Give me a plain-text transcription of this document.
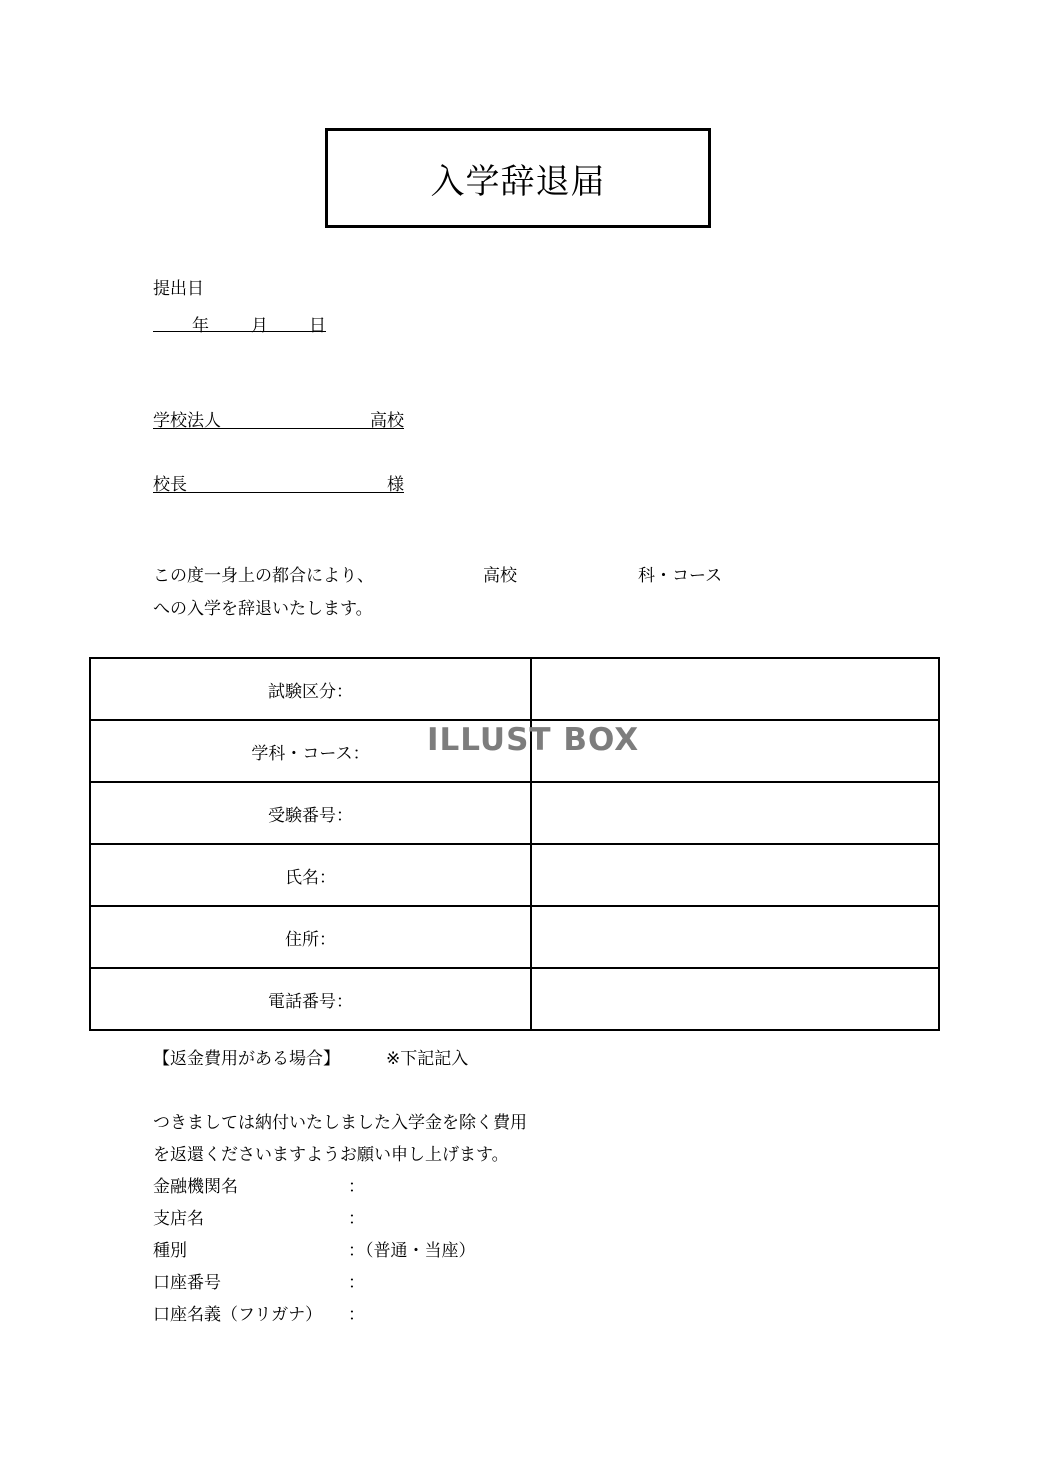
入学辞退届
提出日
年 月 日
学校法人	高校
校長	様
この度一身上の都合により、	高校	科・コース
への入学を辞退いたします。
試験区分：	
学科・コース：	
受験番号：	
氏名：	
住所：	
電話番号：	
ILLUST BOX
【返金費用がある場合】	※下記記入
つきましては納付いたしました入学金を除く費用
を返還くださいますようお願い申し上げます。
金融機関名	：
支店名	：
種別	：（普通・当座）
口座番号	：
口座名義（フリガナ） ：
